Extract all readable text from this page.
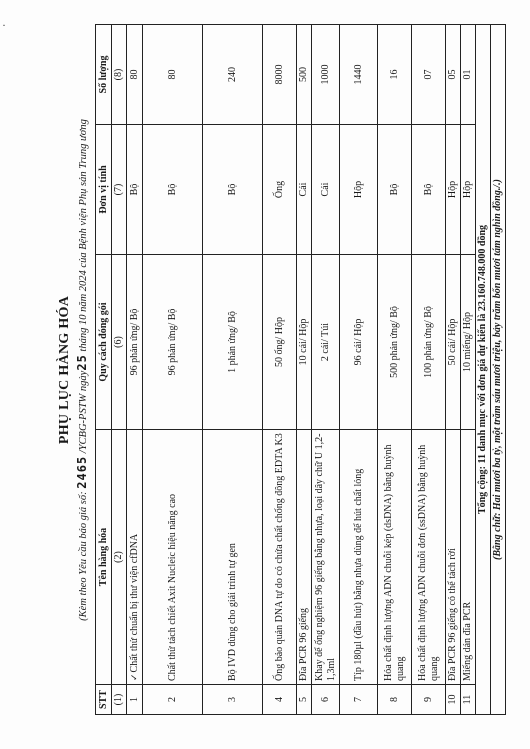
PHỤ LỤC HÀNG HÓA
(Kèm theo Yêu cầu báo giá số: 2465 /YCBG-PSTW ngày25 tháng 10 năm 2024 của Bệnh viện Phụ sản Trung ương
STT	Tên hàng hóa	Quy cách đóng gói	Đơn vị tính	Số lượng
(1)	(2)	(6)	(7)	(8)
1	✓Chất thử chuẩn bị thư viện cfDNA	96 phản ứng/ Bộ	Bộ	80
2	Chất thử tách chiết Axit Nucleic hiệu năng cao	96 phản ứng/ Bộ	Bộ	80
3	Bộ IVD dùng cho giải trình tự gen	1 phản ứng/ Bộ	Bộ	240
4	Ống bảo quản DNA tự do có chứa chất chống đông EDTA K3	50 ống/ Hộp	Ống	8000
5	Đĩa PCR 96 giếng	10 cái/ Hộp	Cái	500
6	Khay để ống nghiệm 96 giếng bằng nhựa, loại dây chữ U 1,2-1,3ml	2 cái/ Túi	Cái	1000
7	Típ 180µl (đầu hút) bằng nhựa dùng để hút chất lỏng	96 cái/ Hộp	Hộp	1440
8	Hóa chất định lượng ADN chuỗi kép (dsDNA) bằng huỳnh quang	500 phản ứng/ Bộ	Bộ	16
9	Hóa chất định lượng ADN chuỗi đơn (ssDNA) bằng huỳnh quang	100 phản ứng/ Bộ	Bộ	07
10	Đĩa PCR 96 giếng có thể tách rời	50 cái/ Hộp	Hộp	05
11	Miếng dán đĩa PCR	10 miếng/ Hộp	Hộp	01
Tổng cộng: 11 danh mục với đơn giá dự kiến là 23.160.748.000 đồng				
(Bằng chữ: Hai mươi ba tỷ, một trăm sáu mươi triệu, bảy trăm bốn mươi tám nghìn đồng./.)				
·
